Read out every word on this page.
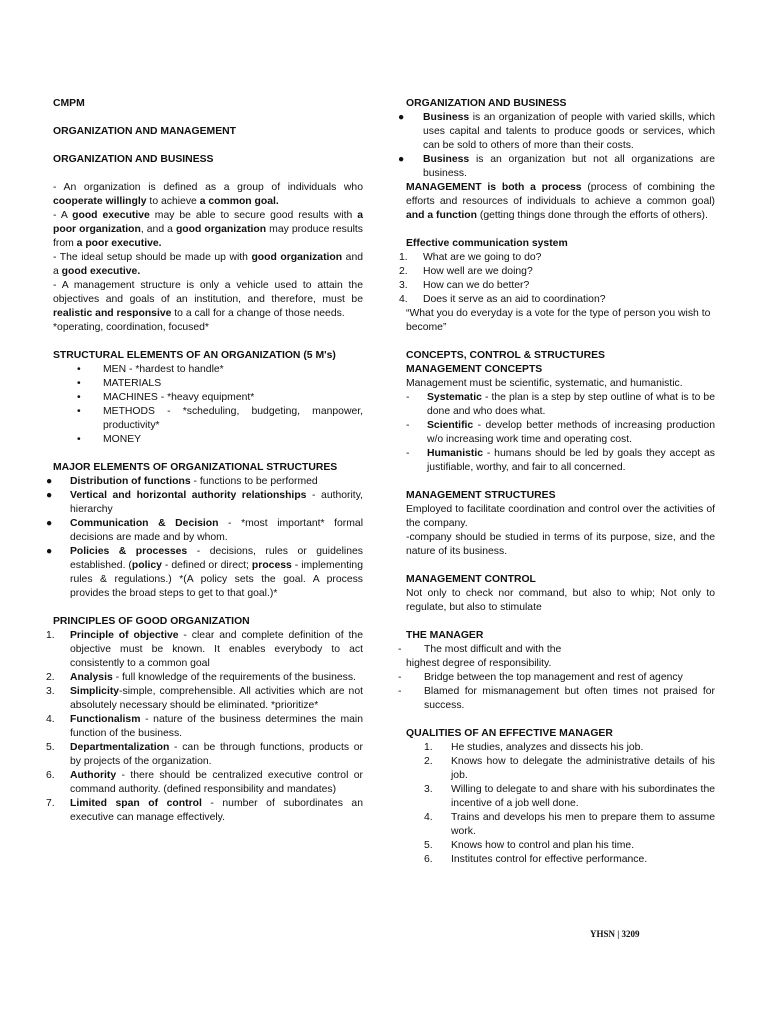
CMPM

ORGANIZATION AND MANAGEMENT

ORGANIZATION AND BUSINESS

- An organization is defined as a group of individuals who cooperate willingly to achieve a common goal.

- A good executive may be able to secure good results with a poor organization, and a good organization may produce results from a poor executive.

- The ideal setup should be made up with good organization and a good executive.

- A management structure is only a vehicle used to attain the objectives and goals of an institution, and therefore, must be realistic and responsive to a call for a change of those needs.

*operating, coordination, focused*

STRUCTURAL ELEMENTS OF AN ORGANIZATION (5 M's)

•	MEN - *hardest to handle*
•	MATERIALS
•	MACHINES - *heavy equipment*
•	METHODS - *scheduling, budgeting, manpower, productivity*
•	MONEY

MAJOR ELEMENTS OF ORGANIZATIONAL STRUCTURES

●	Distribution of functions - functions to be performed
●	Vertical and horizontal authority relationships - authority, hierarchy
●	Communication & Decision - *most important* formal decisions are made and by whom.
●	Policies & processes - decisions, rules or guidelines established. (policy - defined or direct; process - implementing rules & regulations.) *(A policy sets the goal. A process provides the broad steps to get to that goal.)*

PRINCIPLES OF GOOD ORGANIZATION

1.	Principle of objective - clear and complete definition of the objective must be known. It enables everybody to act consistently to a common goal
2.	Analysis - full knowledge of the requirements of the business.
3.	Simplicity-simple, comprehensible. All activities which are not absolutely necessary should be eliminated. *prioritize*
4.	Functionalism - nature of the business determines the main function of the business.
5.	Departmentalization - can be through functions, products or by projects of the organization.
6.	Authority - there should be centralized executive control or command authority. (defined responsibility and mandates)
7.	Limited span of control - number of subordinates an executive can manage effectively.

ORGANIZATION AND BUSINESS

●	Business is an organization of people with varied skills, which uses capital and talents to produce goods or services, which can be sold to others of more than their costs.
●	Business is an organization but not all organizations are business.

MANAGEMENT is both a process (process of combining the efforts and resources of individuals to achieve a common goal) and a function (getting things done through the efforts of others).

Effective communication system

1.	What are we going to do?
2.	How well are we doing?
3.	How can we do better?
4.	Does it serve as an aid to coordination?

“What you do everyday is a vote for the type of person you wish to become”

CONCEPTS, CONTROL & STRUCTURES

MANAGEMENT CONCEPTS

Management must be scientific, systematic, and humanistic.

-	Systematic - the plan is a step by step outline of what is to be done and who does what.
-	Scientific - develop better methods of increasing production w/o increasing work time and operating cost.
-	Humanistic - humans should be led by goals they accept as justifiable, worthy, and fair to all concerned.

MANAGEMENT STRUCTURES

Employed to facilitate coordination and control over the activities of the company.

-company should be studied in terms of its purpose, size, and the nature of its business.

MANAGEMENT CONTROL

Not only to check nor command, but also to whip; Not only to regulate, but also to stimulate

THE MANAGER

-	The most difficult and with the

highest degree of responsibility.

-	Bridge between the top management and rest of agency
-	Blamed for mismanagement but often times not praised for success.

QUALITIES OF AN EFFECTIVE MANAGER

1.	He studies, analyzes and dissects his job.
2.	Knows how to delegate the administrative details of his job.
3.	Willing to delegate to and share with his subordinates the incentive of a job well done.
4.	Trains and develops his men to prepare them to assume work.
5.	Knows how to control and plan his time.
6.	Institutes control for effective performance.
YHSN | 3209
